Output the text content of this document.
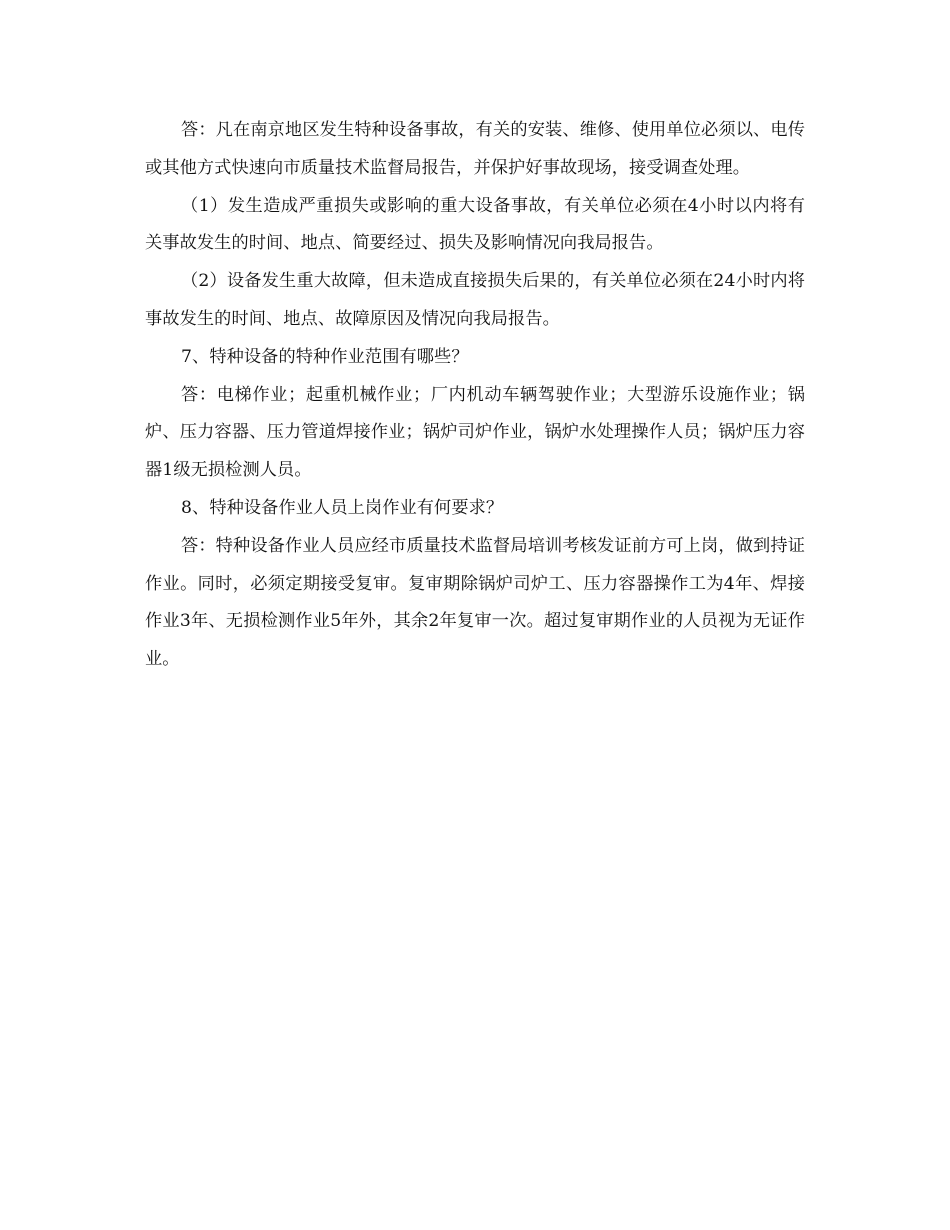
答：凡在南京地区发生特种设备事故，有关的安装、维修、使用单位必须以、电传或其他方式快速向市质量技术监督局报告，并保护好事故现场，接受调查处理。

（1）发生造成严重损失或影响的重大设备事故，有关单位必须在4小时以内将有关事故发生的时间、地点、简要经过、损失及影响情况向我局报告。

（2）设备发生重大故障，但未造成直接损失后果的，有关单位必须在24小时内将事故发生的时间、地点、故障原因及情况向我局报告。

7、特种设备的特种作业范围有哪些？

答：电梯作业；起重机械作业；厂内机动车辆驾驶作业；大型游乐设施作业；锅炉、压力容器、压力管道焊接作业；锅炉司炉作业，锅炉水处理操作人员；锅炉压力容器1级无损检测人员。

8、特种设备作业人员上岗作业有何要求？

答：特种设备作业人员应经市质量技术监督局培训考核发证前方可上岗，做到持证作业。同时，必须定期接受复审。复审期除锅炉司炉工、压力容器操作工为4年、焊接作业3年、无损检测作业5年外，其余2年复审一次。超过复审期作业的人员视为无证作业。
